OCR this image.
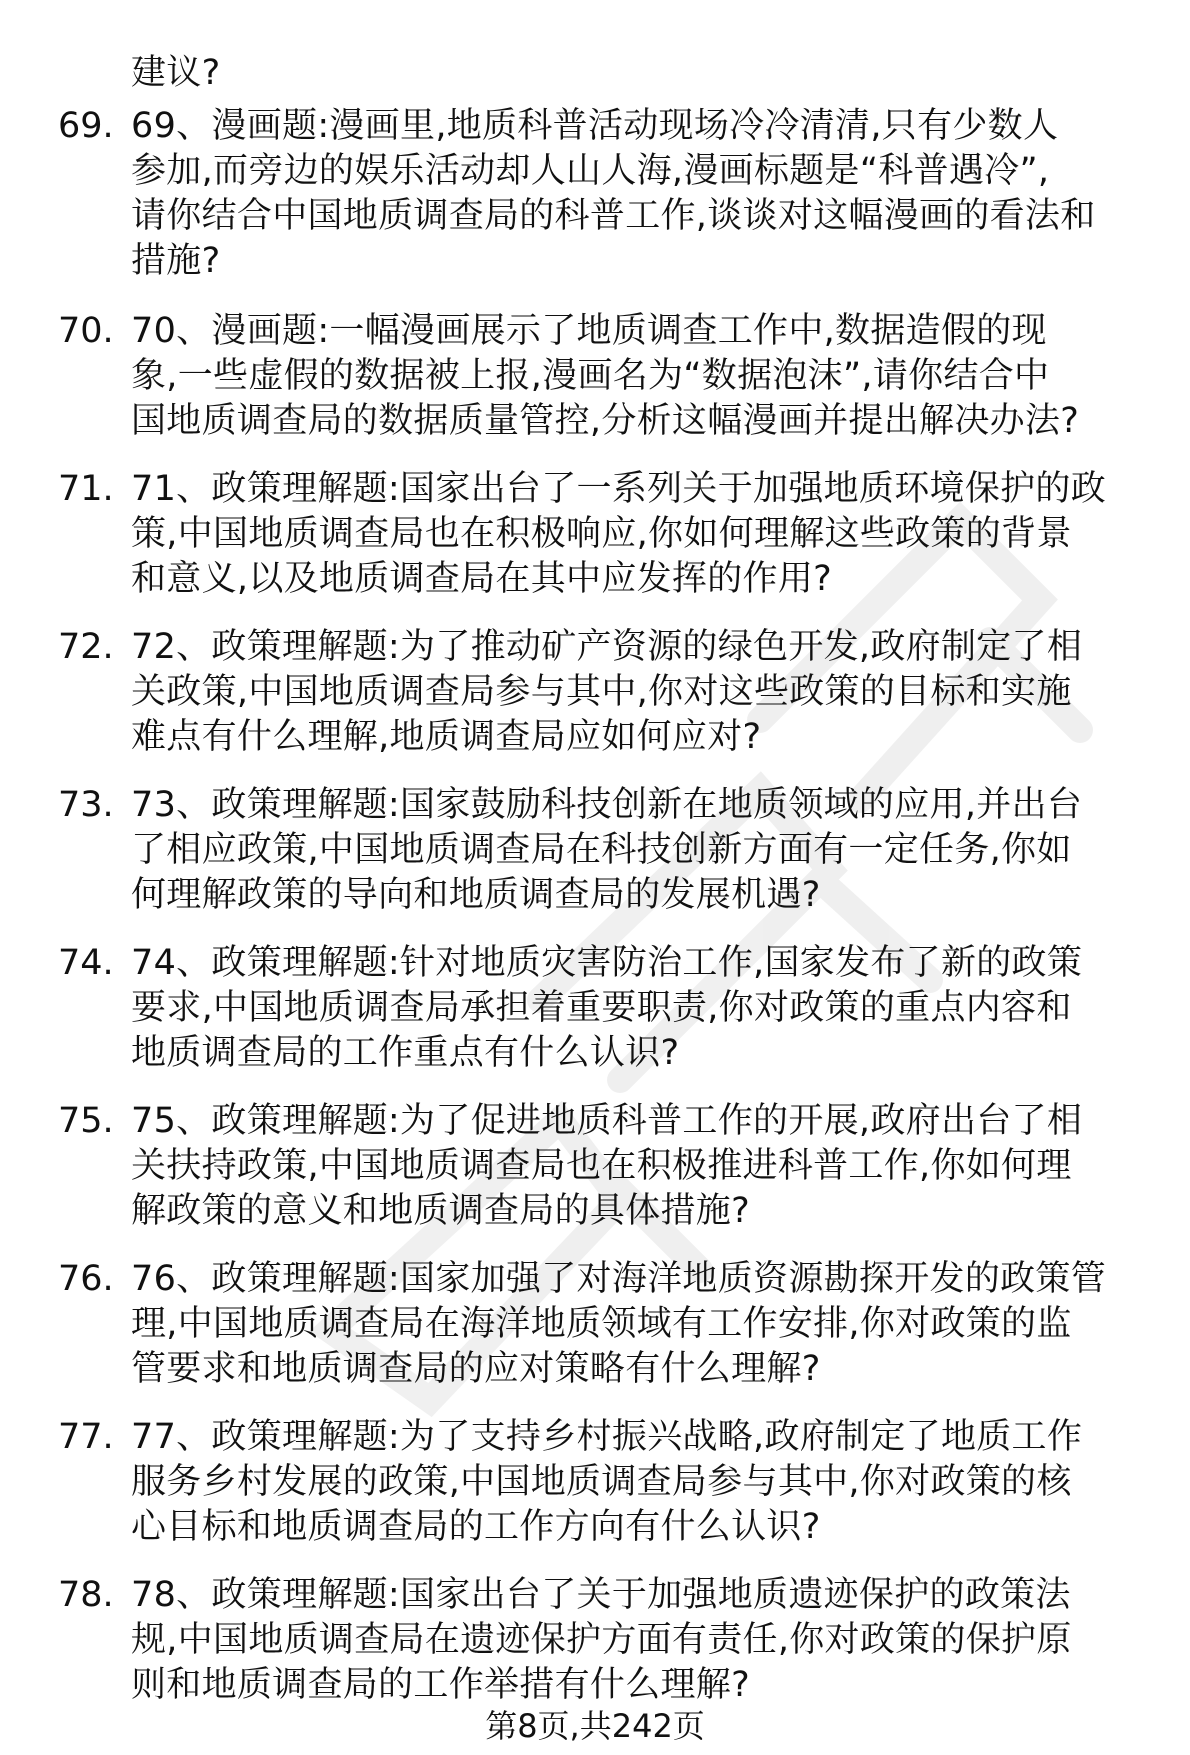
建议?
69. 69、漫画题:漫画里,地质科普活动现场冷冷清清,只有少数人
参加,而旁边的娱乐活动却人山人海,漫画标题是“科普遇冷”,
请你结合中国地质调查局的科普工作,谈谈对这幅漫画的看法和
措施?
70. 70、漫画题:一幅漫画展示了地质调查工作中,数据造假的现
象,一些虚假的数据被上报,漫画名为“数据泡沫”,请你结合中
国地质调查局的数据质量管控,分析这幅漫画并提出解决办法?
71. 71、政策理解题:国家出台了一系列关于加强地质环境保护的政
策,中国地质调查局也在积极响应,你如何理解这些政策的背景
和意义,以及地质调查局在其中应发挥的作用?
72. 72、政策理解题:为了推动矿产资源的绿色开发,政府制定了相
关政策,中国地质调查局参与其中,你对这些政策的目标和实施
难点有什么理解,地质调查局应如何应对?
73. 73、政策理解题:国家鼓励科技创新在地质领域的应用,并出台
了相应政策,中国地质调查局在科技创新方面有一定任务,你如
何理解政策的导向和地质调查局的发展机遇?
74. 74、政策理解题:针对地质灾害防治工作,国家发布了新的政策
要求,中国地质调查局承担着重要职责,你对政策的重点内容和
地质调查局的工作重点有什么认识?
75. 75、政策理解题:为了促进地质科普工作的开展,政府出台了相
关扶持政策,中国地质调查局也在积极推进科普工作,你如何理
解政策的意义和地质调查局的具体措施?
76. 76、政策理解题:国家加强了对海洋地质资源勘探开发的政策管
理,中国地质调查局在海洋地质领域有工作安排,你对政策的监
管要求和地质调查局的应对策略有什么理解?
77. 77、政策理解题:为了支持乡村振兴战略,政府制定了地质工作
服务乡村发展的政策,中国地质调查局参与其中,你对政策的核
心目标和地质调查局的工作方向有什么认识?
78. 78、政策理解题:国家出台了关于加强地质遗迹保护的政策法
规,中国地质调查局在遗迹保护方面有责任,你对政策的保护原
则和地质调查局的工作举措有什么理解?
第8页,共242页
